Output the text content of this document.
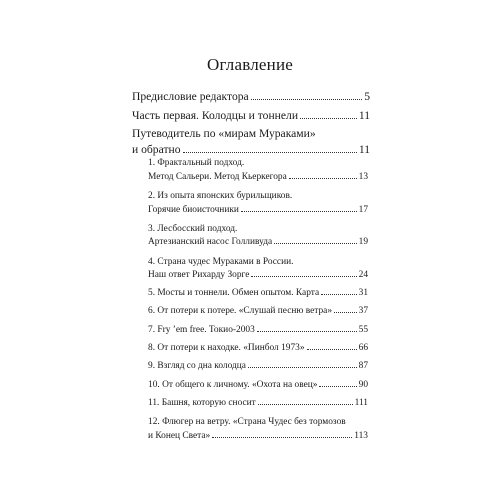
Оглавление
Предисловие редактора	5
Часть первая. Колодцы и тоннели	11
Путеводитель по «мирам Мураками»
и обратно	11
1. Фрактальный подход.
Метод Сальери. Метод Кьеркегора	13
2. Из опыта японских бурильщиков.
Горячие биоисточники	17
3. Лесбосский подход.
Артезианский насос Голливуда	19
4. Страна чудес Мураками в России.
Наш ответ Рихарду Зорге	24
5. Мосты и тоннели. Обмен опытом. Карта	31
6. От потери к потере. «Слушай песню ветра»	37
7. Fry ’em free. Токио-2003	55
8. От потери к находке. «Пинбол 1973»	66
9. Взгляд со дна колодца	87
10. От общего к личному. «Охота на овец»	90
11. Башня, которую сносит	111
12. Флюгер на ветру. «Страна Чудес без тормозов
и Конец Света»	113
